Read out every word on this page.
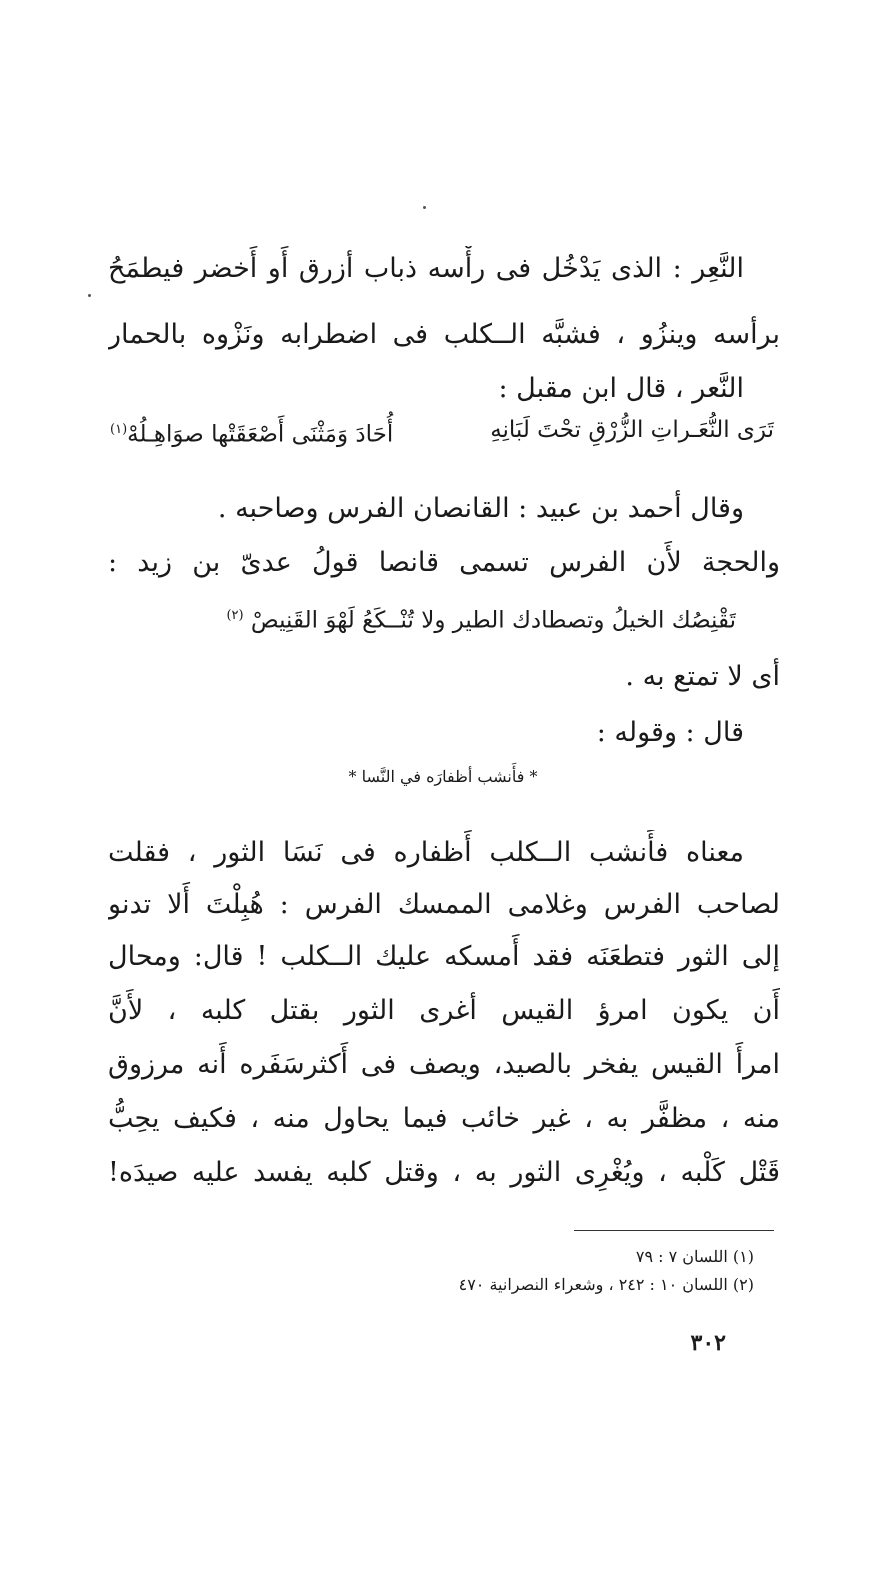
النَّعِر : الذى يَدْخُل فى رأْسه ذباب أزرق أَو أَخضر فيطمَحُ
برأسه وينزُو ، فشبَّه الــكلب فى اضطرابه ونَزْوه بالحمار
النَّعر ، قال ابن مقبل :
تَرَى النُّعَـراتِ الزُّرْقِ تحْتَ لَبَانِهِ
أُحَادَ وَمَثْنَى أَصْعَقَتْها صوَاهِـلُهْ$^{(١)}$
وقال أحمد بن عبيد : القانصان الفرس وصاحبه .
والحجة لأَن الفرس تسمى قانصا قولُ عدىّ بن زيد :
تَقْنِصُك الخيلُ وتصطادك الطير ولا تُنْــكَعُ لَهْوَ القَنِيصْ $^{(٢)}$
أى لا تمتع به .
قال : وقوله :
* فأَنشب أظفارَه في النَّسا *
معناه فأَنشب الــكلب أَظفاره فى نَسَا الثور ، فقلت
لصاحب الفرس وغلامى الممسك الفرس : هُبِلْتَ أَلا تدنو
إلى الثور فتطعَنَه فقد أَمسكه عليك الــكلب ! قال: ومحال
أَن يكون امرؤ القيس أغرى الثور بقتل كلبه ، لأَنَّ
امرأَ القيس يفخر بالصيد، ويصف فى أَكثرسَفَره أَنه مرزوق
منه ، مظفَّر به ، غير خائب فيما يحاول منه ، فكيف يحِبُّ
قَتْل كَلْبه ، ويُغْرِى الثور به ، وقتل كلبه يفسد عليه صيدَه!
(١) اللسان ٧ : ٧٩
(٢) اللسان ١٠ : ٢٤٢ ، وشعراء النصرانية ٤٧٠
٣٠٢
